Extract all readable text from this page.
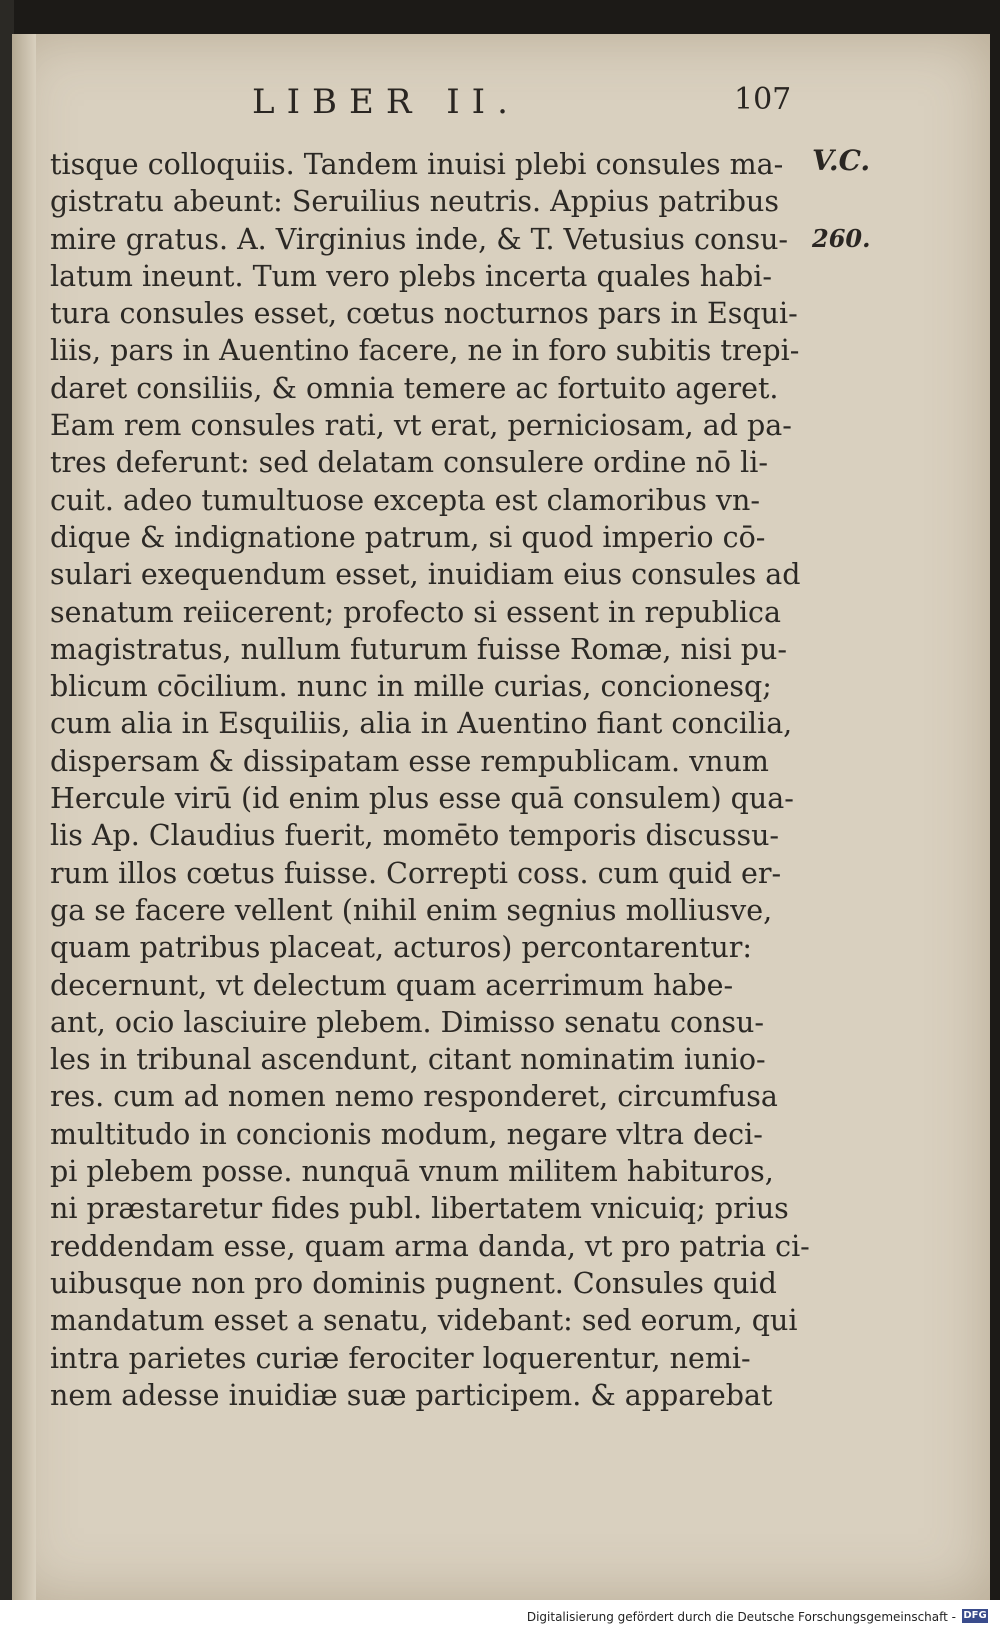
LIBER II.	107
V.C.
260.
tisque colloquiis. Tandem inuisi plebi consules ma-
gistratu abeunt: Seruilius neutris. Appius patribus
mire gratus. A. Virginius inde, & T. Vetusius consu-
latum ineunt. Tum vero plebs incerta quales habi-
tura consules esset, cœtus nocturnos pars in Esqui-
liis, pars in Auentino facere, ne in foro subitis trepi-
daret consiliis, & omnia temere ac fortuito ageret.
Eam rem consules rati, vt erat, perniciosam, ad pa-
tres deferunt: sed delatam consulere ordine nō li-
cuit. adeo tumultuose excepta est clamoribus vn-
dique & indignatione patrum, si quod imperio cō-
sulari exequendum esset, inuidiam eius consules ad
senatum reiicerent; profecto si essent in republica
magistratus, nullum futurum fuisse Romæ, nisi pu-
blicum cōcilium. nunc in mille curias, concionesq;
cum alia in Esquiliis, alia in Auentino fiant concilia,
dispersam & dissipatam esse rempublicam. vnum
Hercule virū (id enim plus esse quā consulem) qua-
lis Ap. Claudius fuerit, momēto temporis discussu-
rum illos cœtus fuisse. Correpti coss. cum quid er-
ga se facere vellent (nihil enim segnius molliusve,
quam patribus placeat, acturos) percontarentur:
decernunt, vt delectum quam acerrimum habe-
ant, ocio lasciuire plebem. Dimisso senatu consu-
les in tribunal ascendunt, citant nominatim iunio-
res. cum ad nomen nemo responderet, circumfusa
multitudo in concionis modum, negare vltra deci-
pi plebem posse. nunquā vnum militem habituros,
ni præstaretur fides publ. libertatem vnicuiq; prius
reddendam esse, quam arma danda, vt pro patria ci-
uibusque non pro dominis pugnent. Consules quid
mandatum esset a senatu, videbant: sed eorum, qui
intra parietes curiæ ferociter loquerentur, nemi-
nem adesse inuidiæ suæ participem. & apparebat
Digitalisierung gefördert durch die Deutsche Forschungsgemeinschaft - DFG
